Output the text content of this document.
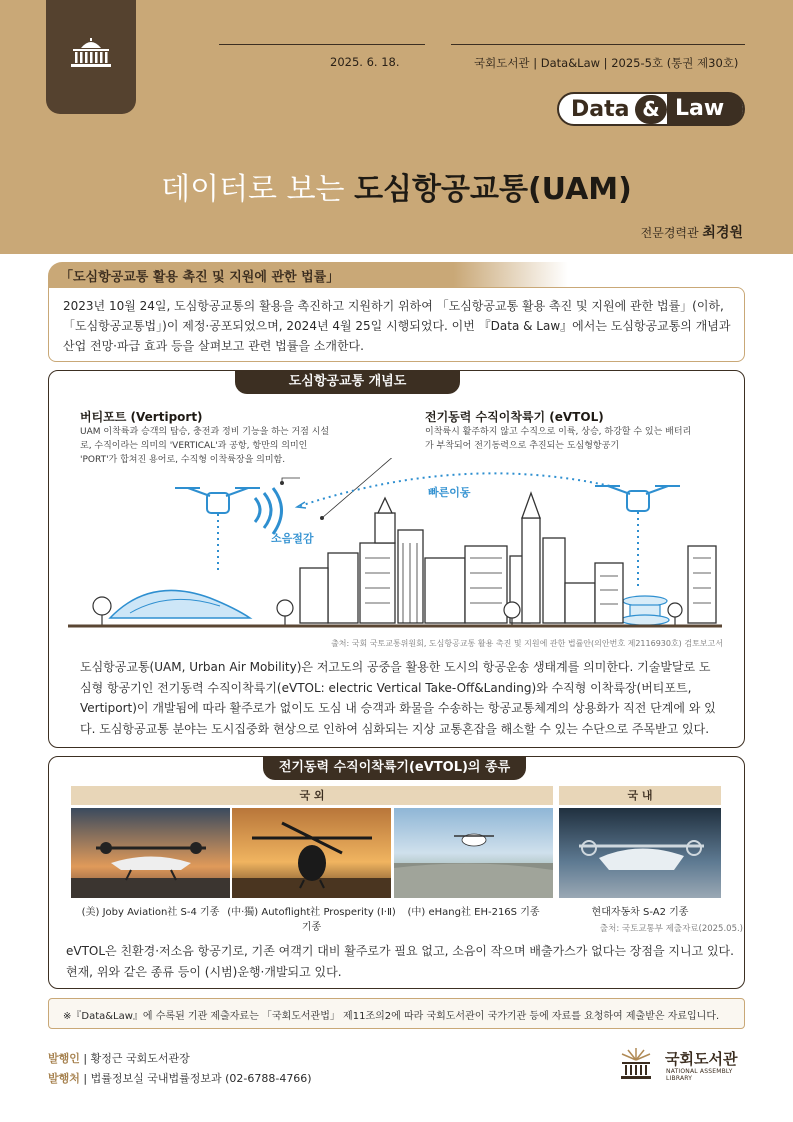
2025. 6. 18.	국회도서관 | Data&Law | 2025-5호 (통권 제30호)
Data & Law
데이터로 보는 도심항공교통(UAM)
전문경력관 최경원
「도심항공교통 활용 촉진 및 지원에 관한 법률」

2023년 10월 24일, 도심항공교통의 활용을 촉진하고 지원하기 위하여 「도심항공교통 활용 촉진 및 지원에 관한 법률」(이하, 「도심항공교통법」)이 제정·공포되었으며, 2024년 4월 25일 시행되었다. 이번 『Data & Law』에서는 도심항공교통의 개념과 산업 전망·파급 효과 등을 살펴보고 관련 법률을 소개한다.

도심항공교통 개념도
버티포트 (Vertiport)
UAM 이착륙과 승객의 탑승, 충전과 정비 기능을 하는 거점 시설로, 수직이라는 의미의 'VERTICAL'과 공항, 항만의 의미인 'PORT'가 합쳐진 용어로, 수직형 이착륙장을 의미함.
전기동력 수직이착륙기 (eVTOL)
이착륙시 활주하지 않고 수직으로 이륙, 상승, 하강할 수 있는 배터리가 부착되어 전기동력으로 추진되는 도심형항공기
빠른이동
소음절감
출처: 국회 국토교통위원회, 도심항공교통 활용 촉진 및 지원에 관한 법률안(의안번호 제2116930호) 검토보고서
도심항공교통(UAM, Urban Air Mobility)은 저고도의 공중을 활용한 도시의 항공운송 생태계를 의미한다. 기술발달로 도심형 항공기인 전기동력 수직이착륙기(eVTOL: electric Vertical Take-Off&Landing)와 수직형 이착륙장(버티포트, Vertiport)이 개발됨에 따라 활주로가 없이도 도심 내 승객과 화물을 수송하는 항공교통체계의 상용화가 직전 단계에 와 있다. 도심항공교통 분야는 도시집중화 현상으로 인하여 심화되는 지상 교통혼잡을 해소할 수 있는 수단으로 주목받고 있다.
전기동력 수직이착륙기(eVTOL)의 종류
국 외	국 내
(美) Joby Aviation社 S-4 기종 (中·獨) Autoflight社 Prosperity (Ⅰ·Ⅱ)기종
(中) eHang社 EH-216S 기종	현대자동차 S-A2 기종
출처: 국토교통부 제출자료(2025.05.)
eVTOL은 친환경·저소음 항공기로, 기존 여객기 대비 활주로가 필요 없고, 소음이 작으며 배출가스가 없다는 장점을 지니고 있다. 현재, 위와 같은 종류 등이 (시범)운행·개발되고 있다.

※『Data&Law』에 수록된 기관 제출자료는 「국회도서관법」 제11조의2에 따라 국회도서관이 국가기관 등에 자료를 요청하여 제출받은 자료입니다.

발행인 | 황정근 국회도서관장
발행처 | 법률정보실 국내법률정보과 (02-6788-4766)
국회도서관
NATIONAL ASSEMBLY LIBRARY
